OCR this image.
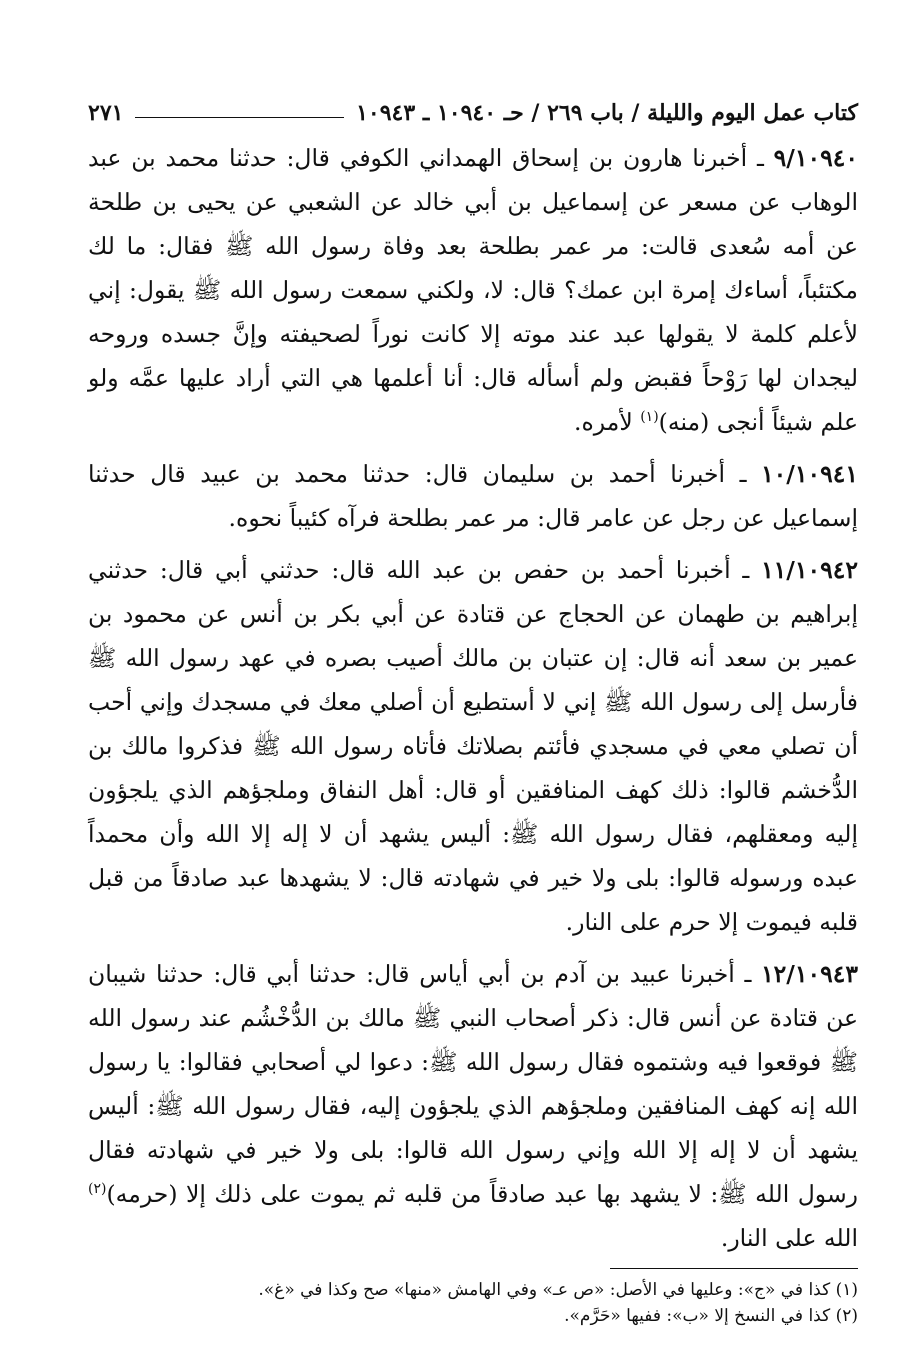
كتاب عمل اليوم والليلة / باب ٢٦٩ / حـ ١٠٩٤٠ ـ ١٠٩٤٣
٢٧١

٩/١٠٩٤٠ ـ أخبرنا هارون بن إسحاق الهمداني الكوفي قال: حدثنا محمد بن عبد الوهاب عن مسعر عن إسماعيل بن أبي خالد عن الشعبي عن يحيى بن طلحة عن أمه سُعدى قالت: مر عمر بطلحة بعد وفاة رسول الله ﷺ فقال: ما لك مكتئباً، أساءك إمرة ابن عمك؟ قال: لا، ولكني سمعت رسول الله ﷺ يقول: إني لأعلم كلمة لا يقولها عبد عند موته إلا كانت نوراً لصحيفته وإنَّ جسده وروحه ليجدان لها رَوْحاً فقبض ولم أسأله قال: أنا أعلمها هي التي أراد عليها عمَّه ولو علم شيئاً أنجى (منه)$^{(١)}$ لأمره.

١٠/١٠٩٤١ ـ أخبرنا أحمد بن سليمان قال: حدثنا محمد بن عبيد قال حدثنا إسماعيل عن رجل عن عامر قال: مر عمر بطلحة فرآه كئيباً نحوه.

١١/١٠٩٤٢ ـ أخبرنا أحمد بن حفص بن عبد الله قال: حدثني أبي قال: حدثني إبراهيم بن طهمان عن الحجاج عن قتادة عن أبي بكر بن أنس عن محمود بن عمير بن سعد أنه قال: إن عتبان بن مالك أصيب بصره في عهد رسول الله ﷺ فأرسل إلى رسول الله ﷺ إني لا أستطيع أن أصلي معك في مسجدك وإني أحب أن تصلي معي في مسجدي فأئتم بصلاتك فأتاه رسول الله ﷺ فذكروا مالك بن الدُّخشم قالوا: ذلك كهف المنافقين أو قال: أهل النفاق وملجؤهم الذي يلجؤون إليه ومعقلهم، فقال رسول الله ﷺ: أليس يشهد أن لا إله إلا الله وأن محمداً عبده ورسوله قالوا: بلى ولا خير في شهادته قال: لا يشهدها عبد صادقاً من قبل قلبه فيموت إلا حرم على النار.

١٢/١٠٩٤٣ ـ أخبرنا عبيد بن آدم بن أبي أياس قال: حدثنا أبي قال: حدثنا شيبان عن قتادة عن أنس قال: ذكر أصحاب النبي ﷺ مالك بن الدُّخْشُم عند رسول الله ﷺ فوقعوا فيه وشتموه فقال رسول الله ﷺ: دعوا لي أصحابي فقالوا: يا رسول الله إنه كهف المنافقين وملجؤهم الذي يلجؤون إليه، فقال رسول الله ﷺ: أليس يشهد أن لا إله إلا الله وإني رسول الله قالوا: بلى ولا خير في شهادته فقال رسول الله ﷺ: لا يشهد بها عبد صادقاً من قلبه ثم يموت على ذلك إلا (حرمه)$^{(٢)}$ الله على النار.

(١) كذا في «ج»: وعليها في الأصل: «ص عـ» وفي الهامش «منها» صح وكذا في «غ».

(٢) كذا في النسخ إلا «ب»: ففيها «حَرَّم».
